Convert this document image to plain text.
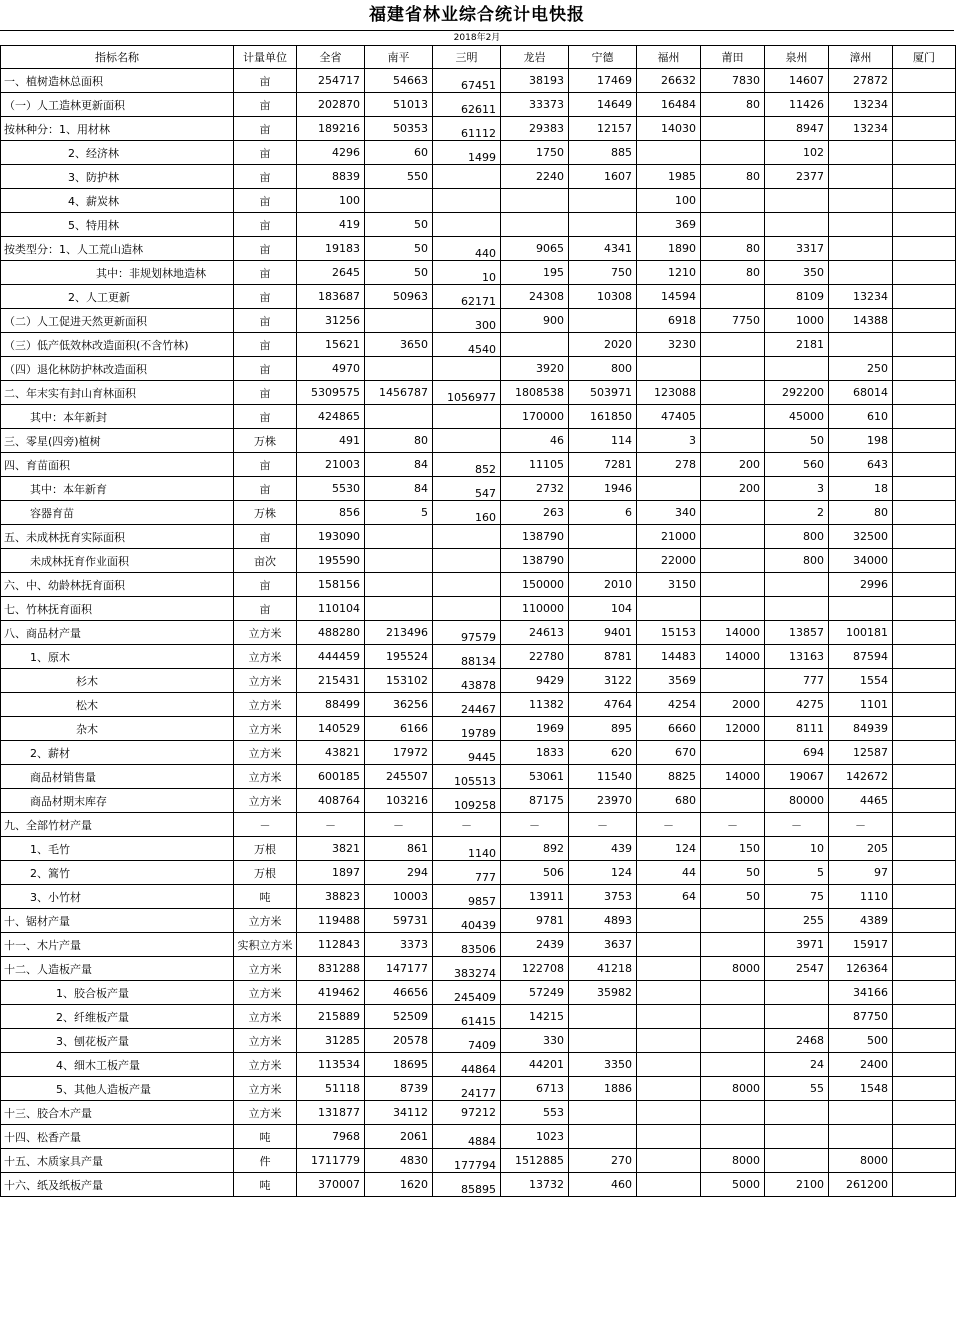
福建省林业综合统计电快报
2018年2月
指标名称	计量单位	全省	南平	三明	龙岩	宁德	福州	莆田	泉州	漳州	厦门
一、植树造林总面积	亩	254717	54663	67451	38193	17469	26632	7830	14607	27872	
（一）人工造林更新面积	亩	202870	51013	62611	33373	14649	16484	80	11426	13234	
按林种分：1、用材林	亩	189216	50353	61112	29383	12157	14030		8947	13234	
2、经济林	亩	4296	60	1499	1750	885			102		
3、防护林	亩	8839	550		2240	1607	1985	80	2377		
4、薪炭林	亩	100					100				
5、特用林	亩	419	50				369				
按类型分：1、人工荒山造林	亩	19183	50	440	9065	4341	1890	80	3317		
其中：非规划林地造林	亩	2645	50	10	195	750	1210	80	350		
2、人工更新	亩	183687	50963	62171	24308	10308	14594		8109	13234	
（二）人工促进天然更新面积	亩	31256		300	900		6918	7750	1000	14388	
（三）低产低效林改造面积(不含竹林)	亩	15621	3650	4540		2020	3230		2181		
（四）退化林防护林改造面积	亩	4970			3920	800				250	
二、年末实有封山育林面积	亩	5309575	1456787	1056977	1808538	503971	123088		292200	68014	
其中：本年新封	亩	424865			170000	161850	47405		45000	610	
三、零星(四旁)植树	万株	491	80		46	114	3		50	198	
四、育苗面积	亩	21003	84	852	11105	7281	278	200	560	643	
其中：本年新育	亩	5530	84	547	2732	1946		200	3	18	
容器育苗	万株	856	5	160	263	6	340		2	80	
五、未成林抚育实际面积	亩	193090			138790		21000		800	32500	
未成林抚育作业面积	亩次	195590			138790		22000		800	34000	
六、中、幼龄林抚育面积	亩	158156			150000	2010	3150			2996	
七、竹林抚育面积	亩	110104			110000	104					
八、商品材产量	立方米	488280	213496	97579	24613	9401	15153	14000	13857	100181	
1、原木	立方米	444459	195524	88134	22780	8781	14483	14000	13163	87594	
杉木	立方米	215431	153102	43878	9429	3122	3569		777	1554	
松木	立方米	88499	36256	24467	11382	4764	4254	2000	4275	1101	
杂木	立方米	140529	6166	19789	1969	895	6660	12000	8111	84939	
2、薪材	立方米	43821	17972	9445	1833	620	670		694	12587	
商品材销售量	立方米	600185	245507	105513	53061	11540	8825	14000	19067	142672	
商品材期末库存	立方米	408764	103216	109258	87175	23970	680		80000	4465	
九、全部竹材产量	－	－	－	－	－	－	－	－	－	－	
1、毛竹	万根	3821	861	1140	892	439	124	150	10	205	
2、篙竹	万根	1897	294	777	506	124	44	50	5	97	
3、小竹材	吨	38823	10003	9857	13911	3753	64	50	75	1110	
十、锯材产量	立方米	119488	59731	40439	9781	4893			255	4389	
十一、木片产量	实积立方米	112843	3373	83506	2439	3637			3971	15917	
十二、人造板产量	立方米	831288	147177	383274	122708	41218		8000	2547	126364	
1、胶合板产量	立方米	419462	46656	245409	57249	35982				34166	
2、纤维板产量	立方米	215889	52509	61415	14215					87750	
3、刨花板产量	立方米	31285	20578	7409	330				2468	500	
4、细木工板产量	立方米	113534	18695	44864	44201	3350			24	2400	
5、其他人造板产量	立方米	51118	8739	24177	6713	1886		8000	55	1548	
十三、胶合木产量	立方米	131877	34112	97212	553						
十四、松香产量	吨	7968	2061	4884	1023						
十五、木质家具产量	件	1711779	4830	177794	1512885	270		8000		8000	
十六、纸及纸板产量	吨	370007	1620	85895	13732	460		5000	2100	261200	
